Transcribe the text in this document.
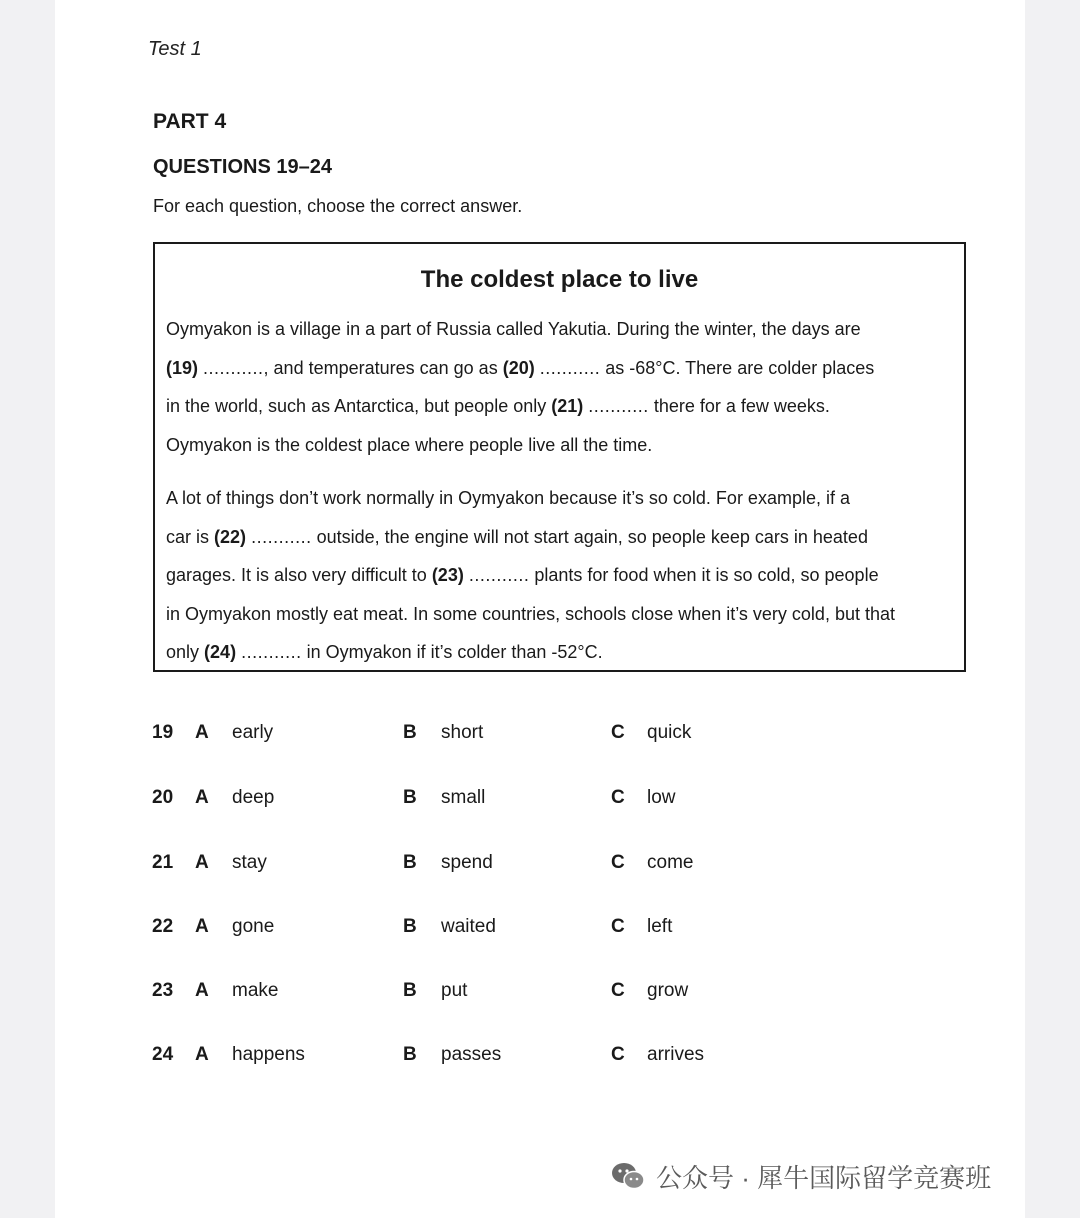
Test 1
PART 4
QUESTIONS 19–24
For each question, choose the correct answer.
The coldest place to live
Oymyakon is a village in a part of Russia called Yakutia. During the winter, the days are
(19) ..........., and temperatures can go as (20) ........... as -68°C. There are colder places
in the world, such as Antarctica, but people only (21) ........... there for a few weeks.
Oymyakon is the coldest place where people live all the time.
A lot of things don’t work normally in Oymyakon because it’s so cold. For example, if a
car is (22) ........... outside, the engine will not start again, so people keep cars in heated
garages. It is also very difficult to (23) ........... plants for food when it is so cold, so people
in Oymyakon mostly eat meat. In some countries, schools close when it’s very cold, but that
only (24) ........... in Oymyakon if it’s colder than -52°C.
19 A early	B short	C quick
20 A deep	B small	C low
21 A stay	B spend	C come
22 A gone	B waited	C left
23 A make	B put	C grow
24 A happens	B passes	C arrives
公众号 · 犀牛国际留学竞赛班
